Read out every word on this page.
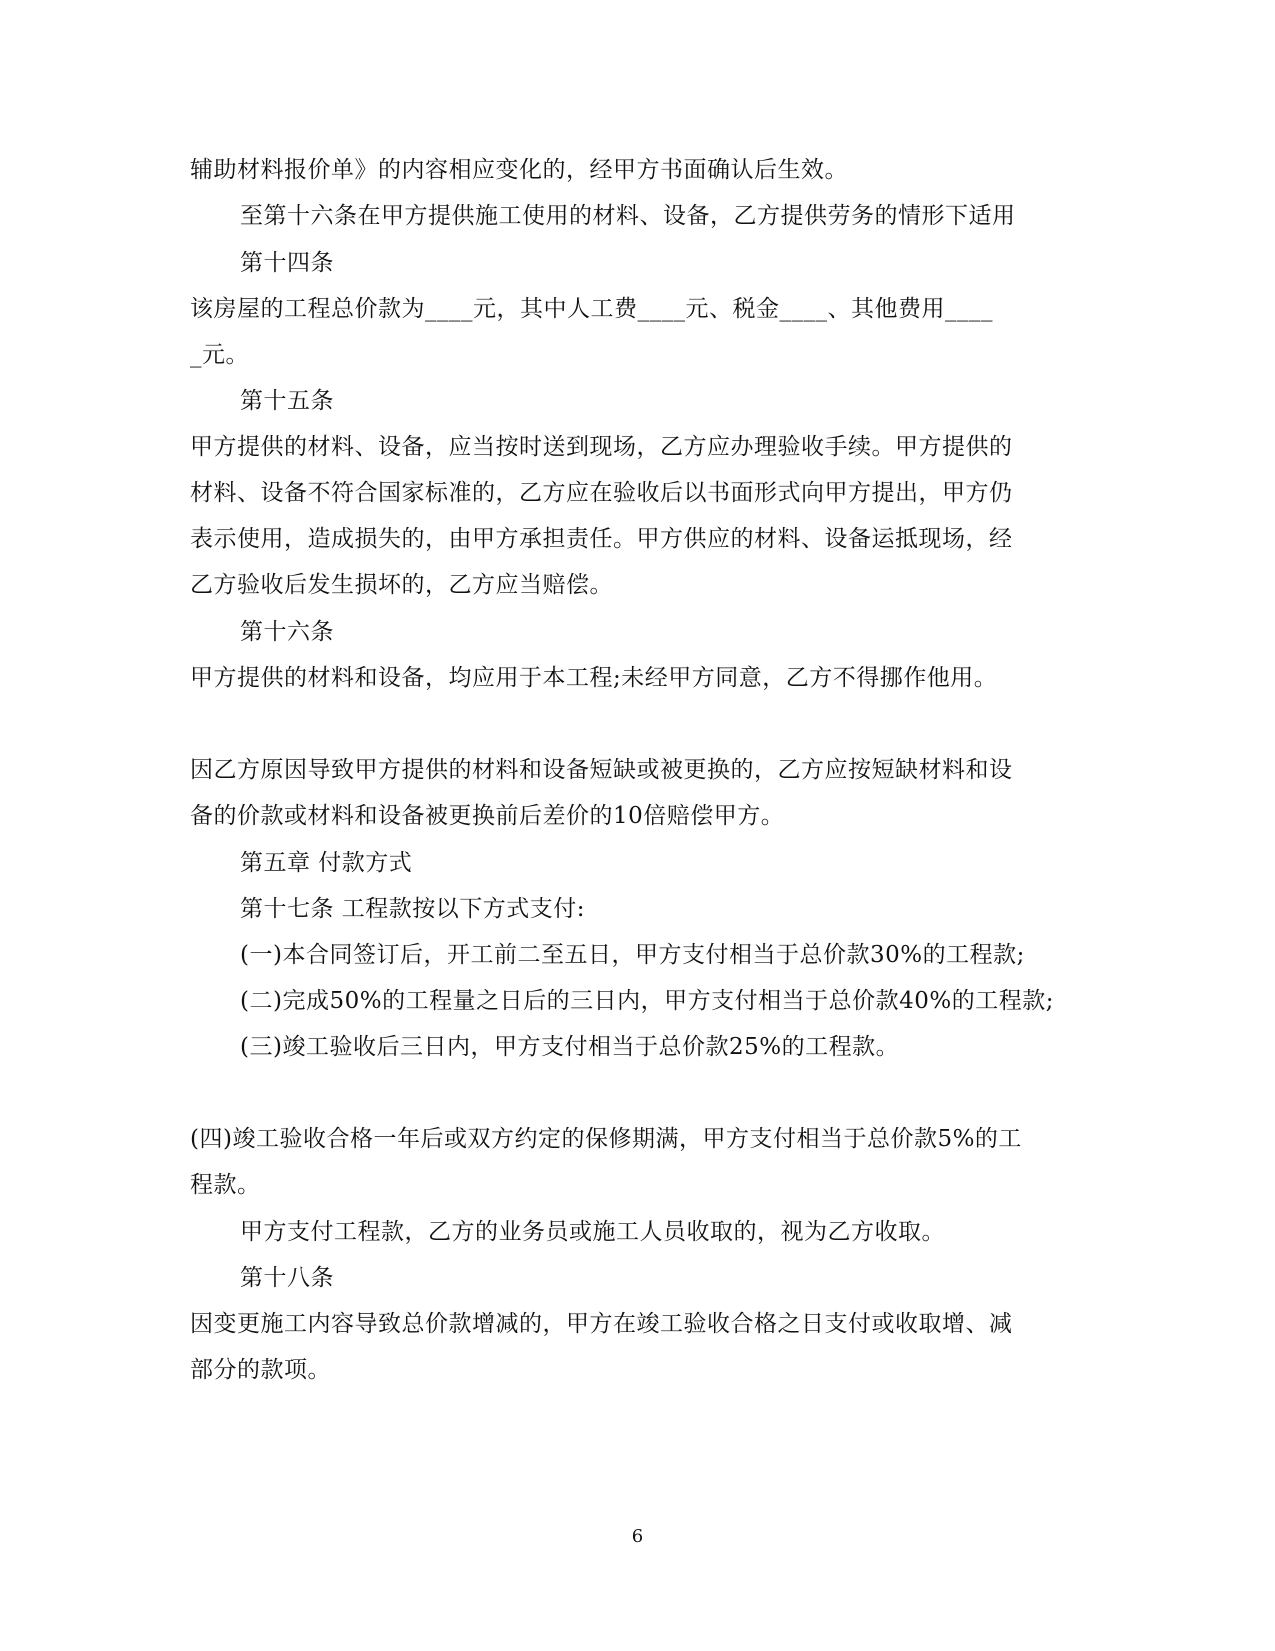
辅助材料报价单》的内容相应变化的，经甲方书面确认后生效。
至第十六条在甲方提供施工使用的材料、设备，乙方提供劳务的情形下适用
第十四条
该房屋的工程总价款为____元，其中人工费____元、税金____、其他费用____
_元。
第十五条
甲方提供的材料、设备，应当按时送到现场，乙方应办理验收手续。甲方提供的
材料、设备不符合国家标准的，乙方应在验收后以书面形式向甲方提出，甲方仍
表示使用，造成损失的，由甲方承担责任。甲方供应的材料、设备运抵现场，经
乙方验收后发生损坏的，乙方应当赔偿。
第十六条
甲方提供的材料和设备，均应用于本工程;未经甲方同意，乙方不得挪作他用。
因乙方原因导致甲方提供的材料和设备短缺或被更换的，乙方应按短缺材料和设
备的价款或材料和设备被更换前后差价的10倍赔偿甲方。
第五章 付款方式
第十七条 工程款按以下方式支付:
(一)本合同签订后，开工前二至五日，甲方支付相当于总价款30%的工程款;
(二)完成50%的工程量之日后的三日内，甲方支付相当于总价款40%的工程款;
(三)竣工验收后三日内，甲方支付相当于总价款25%的工程款。
(四)竣工验收合格一年后或双方约定的保修期满，甲方支付相当于总价款5%的工
程款。
甲方支付工程款，乙方的业务员或施工人员收取的，视为乙方收取。
第十八条
因变更施工内容导致总价款增减的，甲方在竣工验收合格之日支付或收取增、减
部分的款项。
6
